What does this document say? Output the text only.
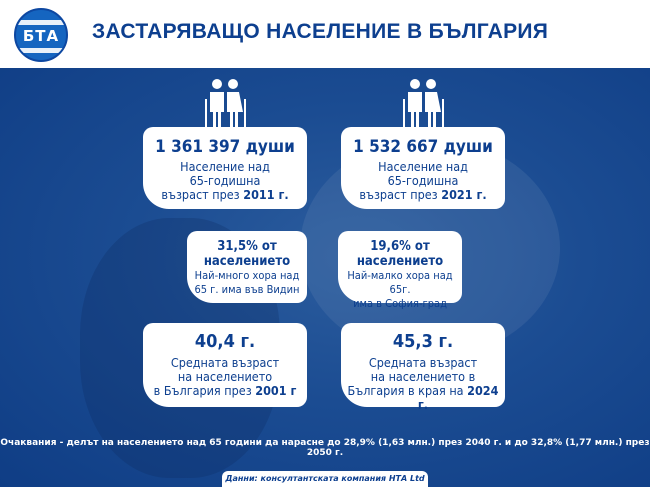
БТА	ЗАСТАРЯВАЩО НАСЕЛЕНИЕ В БЪЛГАРИЯ
1 361 397 души
Население над
65-годишна
възраст през 2011 г.
1 532 667 души
Население над
65-годишна
възраст през 2021 г.
31,5% от
населението
Най-много хора над
65 г. има във Видин
19,6% от
населението
Най-малко хора над 65г.
има в София-град
40,4 г.
Средната възраст
на населението
в България през 2001 г
45,3 г.
Средната възраст
на населението в
България в края на 2024 г.
Очаквания - делът на населението над 65 години да нарасне до 28,9% (1,63 млн.) през 2040 г. и до 32,8% (1,77 млн.) през 2050 г.
Данни: консултантската компания НТА Ltd
